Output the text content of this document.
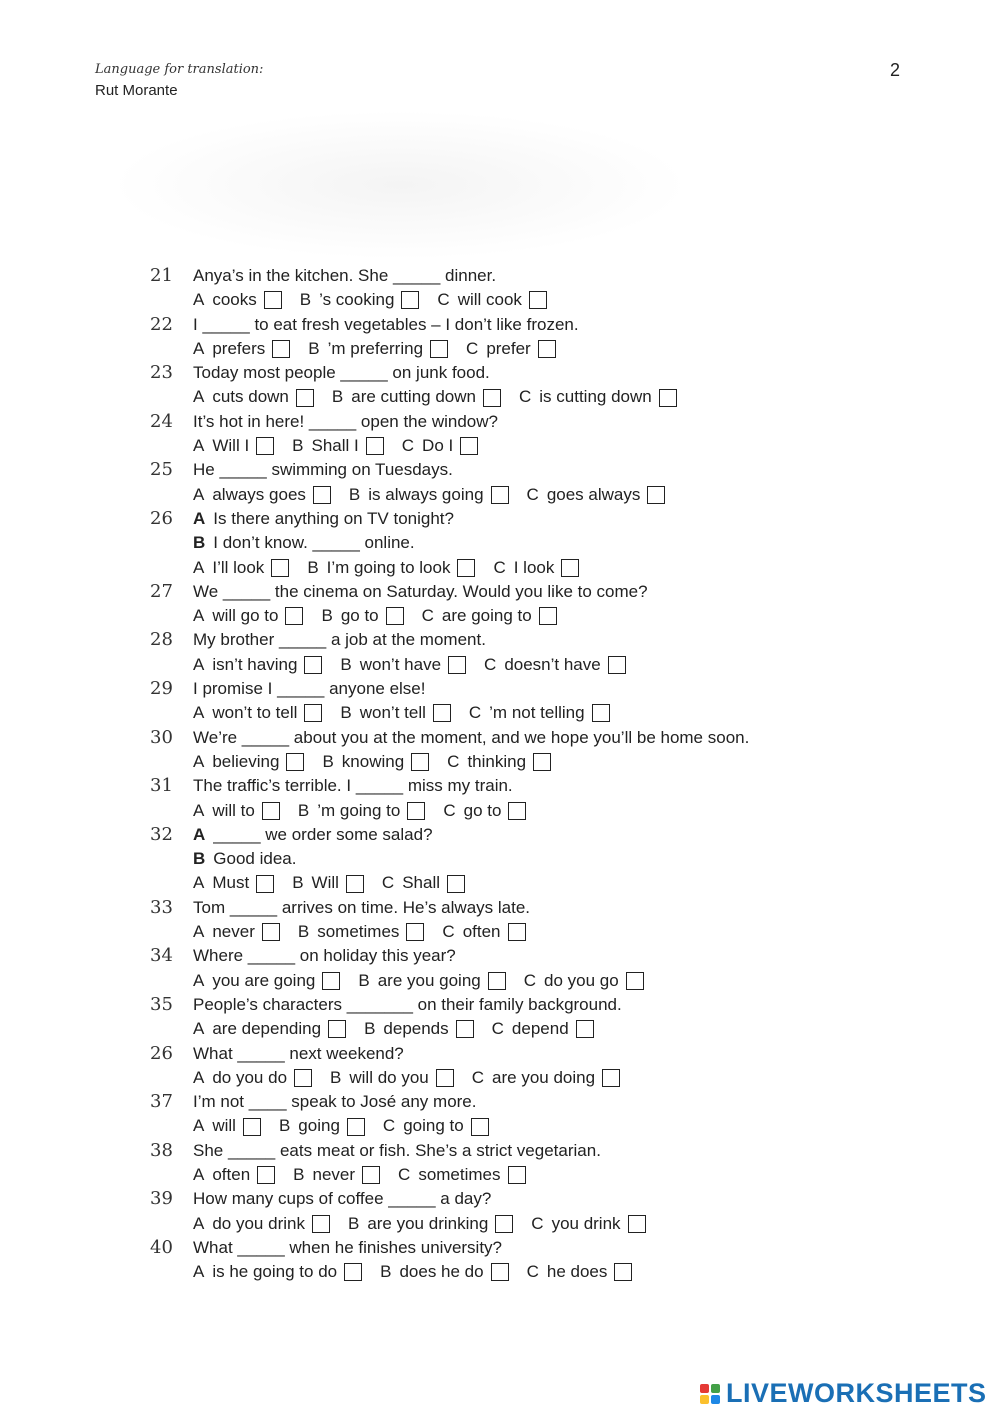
Language for translation:
Rut Morante
2
21	Anya’s in the kitchen. She _____ dinner.
A cooks	B ’s cooking	C will cook
22	I _____ to eat fresh vegetables – I don’t like frozen.
A prefers	B ’m preferring	C prefer
23	Today most people _____ on junk food.
A cuts down	B are cutting down	C is cutting down
24	It’s hot in here! _____ open the window?
A Will I	B Shall I	C Do I
25	He _____ swimming on Tuesdays.
A always goes	B is always going	C goes always
26	A Is there anything on TV tonight?
B I don’t know. _____ online.
A I’ll look	B I’m going to look	C I look
27	We _____ the cinema on Saturday. Would you like to come?
A will go to	B go to	C are going to
28	My brother _____ a job at the moment.
A isn’t having	B won’t have	C doesn’t have
29	I promise I _____ anyone else!
A won’t to tell	B won’t tell	C ’m not telling
30	We’re _____ about you at the moment, and we hope you’ll be home soon.
A believing	B knowing	C thinking
31	The traffic’s terrible. I _____ miss my train.
A will to	B ’m going to	C go to
32	A _____ we order some salad?
B Good idea.
A Must	B Will	C Shall
33	Tom _____ arrives on time. He’s always late.
A never	B sometimes	C often
34	Where _____ on holiday this year?
A you are going	B are you going	C do you go
35	People’s characters _______ on their family background.
A are depending	B depends	C depend
26	What _____ next weekend?
A do you do	B will do you	C are you doing
37	I’m not ____ speak to José any more.
A will	B going	C going to
38	She _____ eats meat or fish. She’s a strict vegetarian.
A often	B never	C sometimes
39	How many cups of coffee _____ a day?
A do you drink	B are you drinking	C you drink
40	What _____ when he finishes university?
A is he going to do	B does he do	C he does
LIVEWORKSHEETS
